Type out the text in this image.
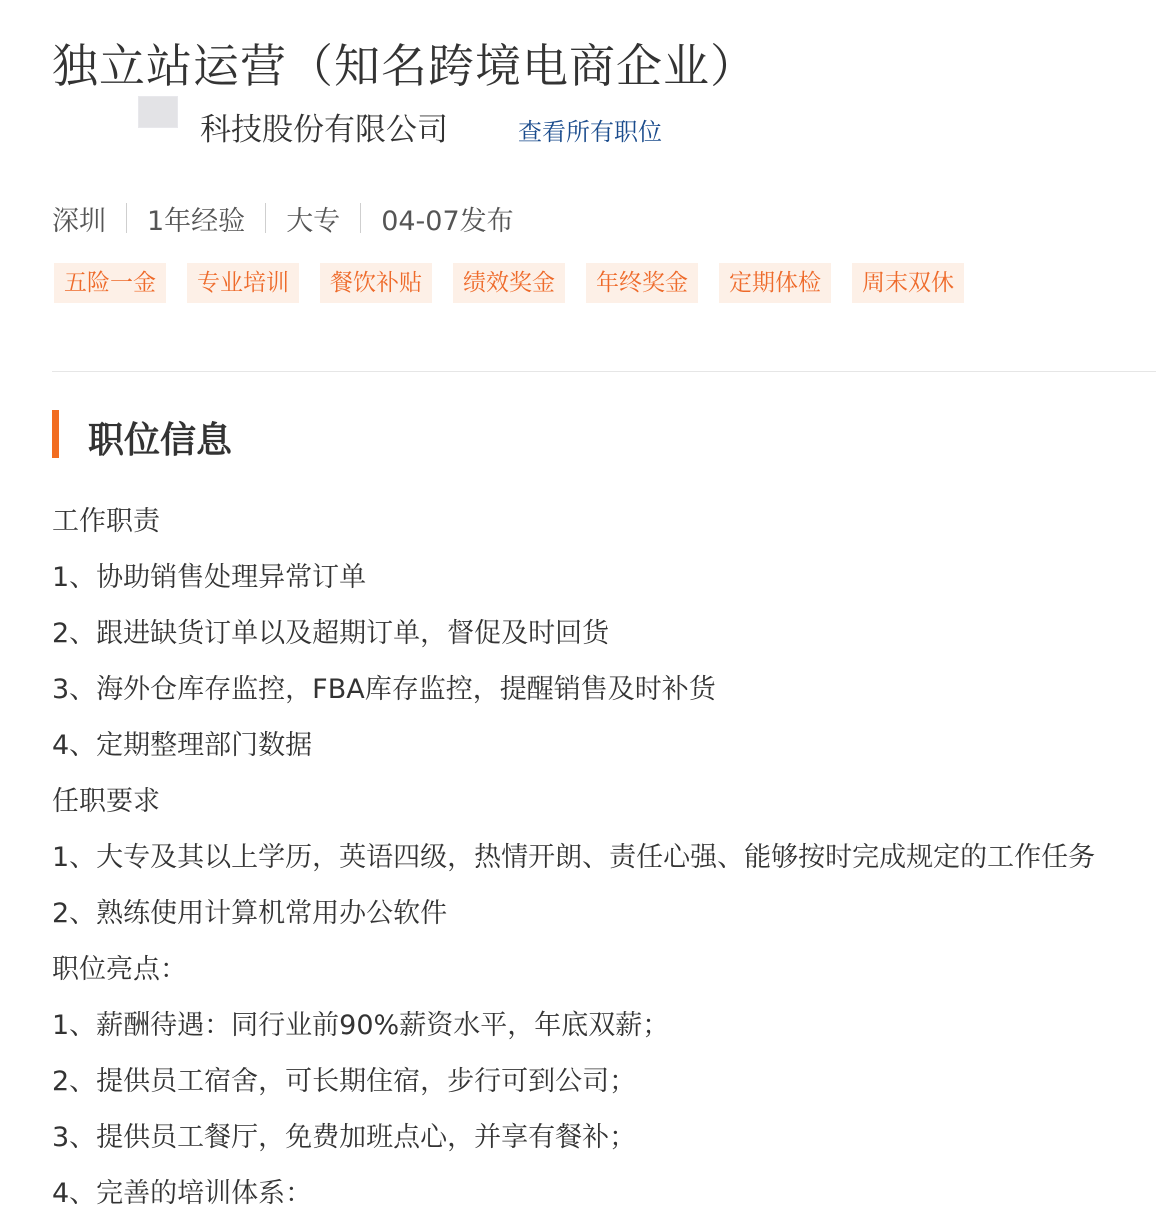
独立站运营（知名跨境电商企业）
科技股份有限公司	查看所有职位
深圳 1年经验 大专 04-07发布
五险一金	专业培训	餐饮补贴	绩效奖金	年终奖金	定期体检	周末双休
职位信息
工作职责
1、协助销售处理异常订单
2、跟进缺货订单以及超期订单，督促及时回货
3、海外仓库存监控，FBA库存监控，提醒销售及时补货
4、定期整理部门数据
任职要求
1、大专及其以上学历，英语四级，热情开朗、责任心强、能够按时完成规定的工作任务
2、熟练使用计算机常用办公软件
职位亮点：
1、薪酬待遇：同行业前90%薪资水平，年底双薪；
2、提供员工宿舍，可长期住宿，步行可到公司；
3、提供员工餐厅，免费加班点心，并享有餐补；
4、完善的培训体系：
